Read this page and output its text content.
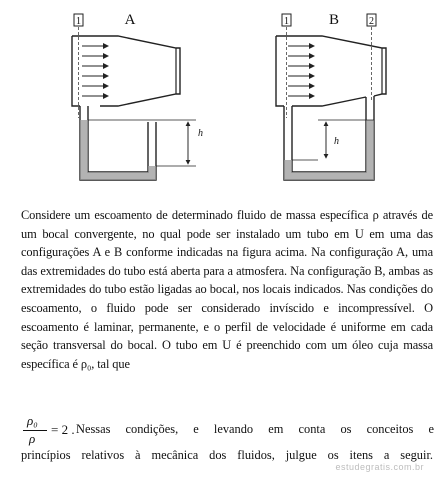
1	A
h
1	2
B
h

Considere um escoamento de determinado fluido de massa específica ρ através de um bocal convergente, no qual pode ser instalado um tubo em U em uma das configurações A e B conforme indicadas na figura acima. Na configuração A, uma das extremidades do tubo está aberta para a atmosfera. Na configuração B, ambas as extremidades do tubo estão ligadas ao bocal, nos locais indicados. Nas condições do escoamento, o fluido pode ser considerado invíscido e incompressível. O escoamento é laminar, permanente, e o perfil de velocidade é uniforme em cada seção transversal do bocal. O tubo em U é preenchido com um óleo cuja massa específica é ρ₀, tal que

ρ₀
ρ
= 2 . Nessas condições, e levando em conta os conceitos e
princípios relativos à mecânica dos fluidos, julgue os itens a seguir.
estudegratis.com.br
